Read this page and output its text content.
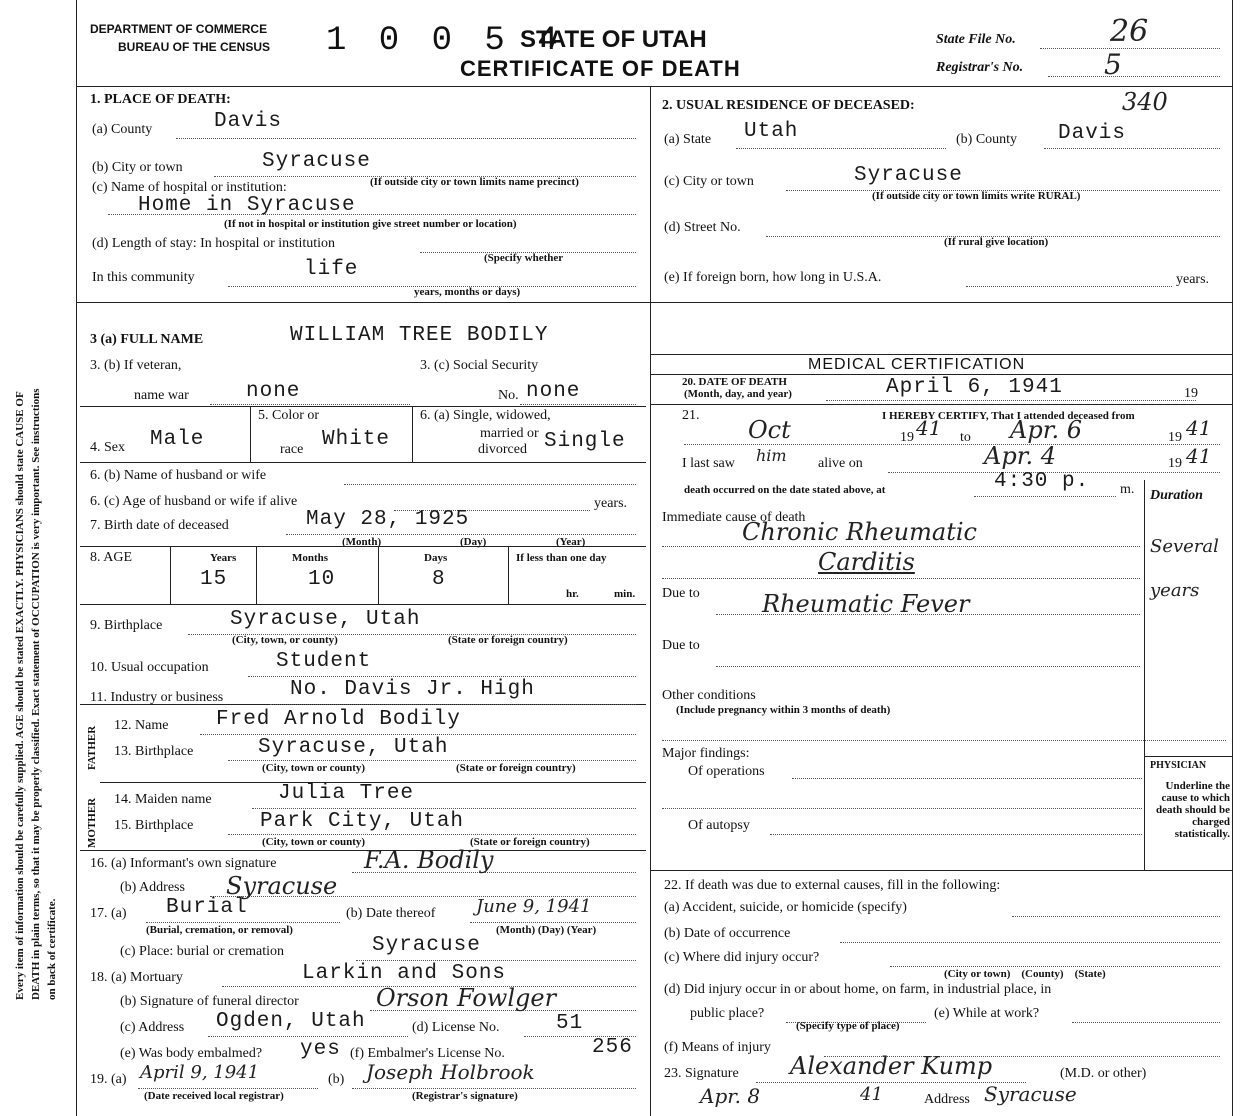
Every item of information should be carefully supplied. AGE should be stated EXACTLY. PHYSICIANS should state CAUSE OF DEATH in plain terms, so that it may be properly classified. Exact statement of OCCUPATION is very important. See instructions on back of certificate.
DEPARTMENT OF COMMERCE
BUREAU OF THE CENSUS 1 0 0 5 4
STATE OF UTAH
CERTIFICATE OF DEATH
State File No.	26
Registrar's No.	5
1. PLACE OF DEATH:
(a) County	Davis
(b) City or town	Syracuse
(c) Name of hospital or institution:	(If outside city or town limits name precinct)
Home in Syracuse
(If not in hospital or institution give street number or location)
(d) Length of stay: In hospital or institution
(Specify whether
In this community	life
years, months or days)
2. USUAL RESIDENCE OF DECEASED:	340
(a) State Utah	(b) County Davis
(c) City or town	Syracuse
(If outside city or town limits write RURAL)
(d) Street No.
(If rural give location)
(e) If foreign born, how long in U.S.A.	years.
3 (a) FULL NAME	WILLIAM TREE BODILY
3. (b) If veteran,
name war	none
3. (c) Social Security
No. none
4. Sex Male
5. Color or
race White
6. (a) Single, widowed,
married or
divorced Single
6. (b) Name of husband or wife
6. (c) Age of husband or wife if alive	years.
7. Birth date of deceased	May 28, 1925
(Month)	(Day)	(Year)
8. AGE	Years	Months	Days	If less than one day
15	10	8
hr.	min.
9. Birthplace	Syracuse, Utah
(City, town, or county)	(State or foreign country)
10. Usual occupation	Student
11. Industry or business	No. Davis Jr. High
FATHER
MOTHER
12. Name Fred Arnold Bodily
13. Birthplace	Syracuse, Utah
(City, town or county)	(State or foreign country)
14. Maiden name	Julia Tree
15. Birthplace	Park City, Utah
(City, town or county)	(State or foreign country)
16. (a) Informant's own signature	F.A. Bodily
(b) Address Syracuse
17. (a) Burial
(Burial, cremation, or removal)
(b) Date thereof June 9, 1941
(Month) (Day) (Year)
(c) Place: burial or cremation	Syracuse
18. (a) Mortuary	Larkin and Sons
(b) Signature of funeral director	Orson Fowlger
(c) Address Ogden, Utah	(d) License No.	51
(e) Was body embalmed? yes (f) Embalmer's License No.	256
19. (a) April 9, 1941
(Date received local registrar)
(b) Joseph Holbrook
(Registrar's signature)
MEDICAL CERTIFICATION
20. DATE OF DEATH
(Month, day, and year)	April 6, 1941	19
21.	I HEREBY CERTIFY, That I attended deceased from
Oct	19 41 to Apr. 6	19 41
I last saw him alive on	Apr. 4	19 41
death occurred on the date stated above, at	4:30 p. m. Duration
Immediate cause of death
Chronic Rheumatic
Carditis
Several
years
Due to	Rheumatic Fever
Due to
Other conditions
(Include pregnancy within 3 months of death)
Major findings:
Of operations	PHYSICIAN
Underline the cause to which death should be charged statistically.
Of autopsy
22. If death was due to external causes, fill in the following:
(a) Accident, suicide, or homicide (specify)
(b) Date of occurrence
(c) Where did injury occur?
(City or town)    (County)    (State)
(d) Did injury occur in or about home, on farm, in industrial place, in
public place?
(Specify type of place)
(e) While at work?
(f) Means of injury
23. Signature Alexander Kump	(M.D. or other)
Apr. 8	41	Address Syracuse
